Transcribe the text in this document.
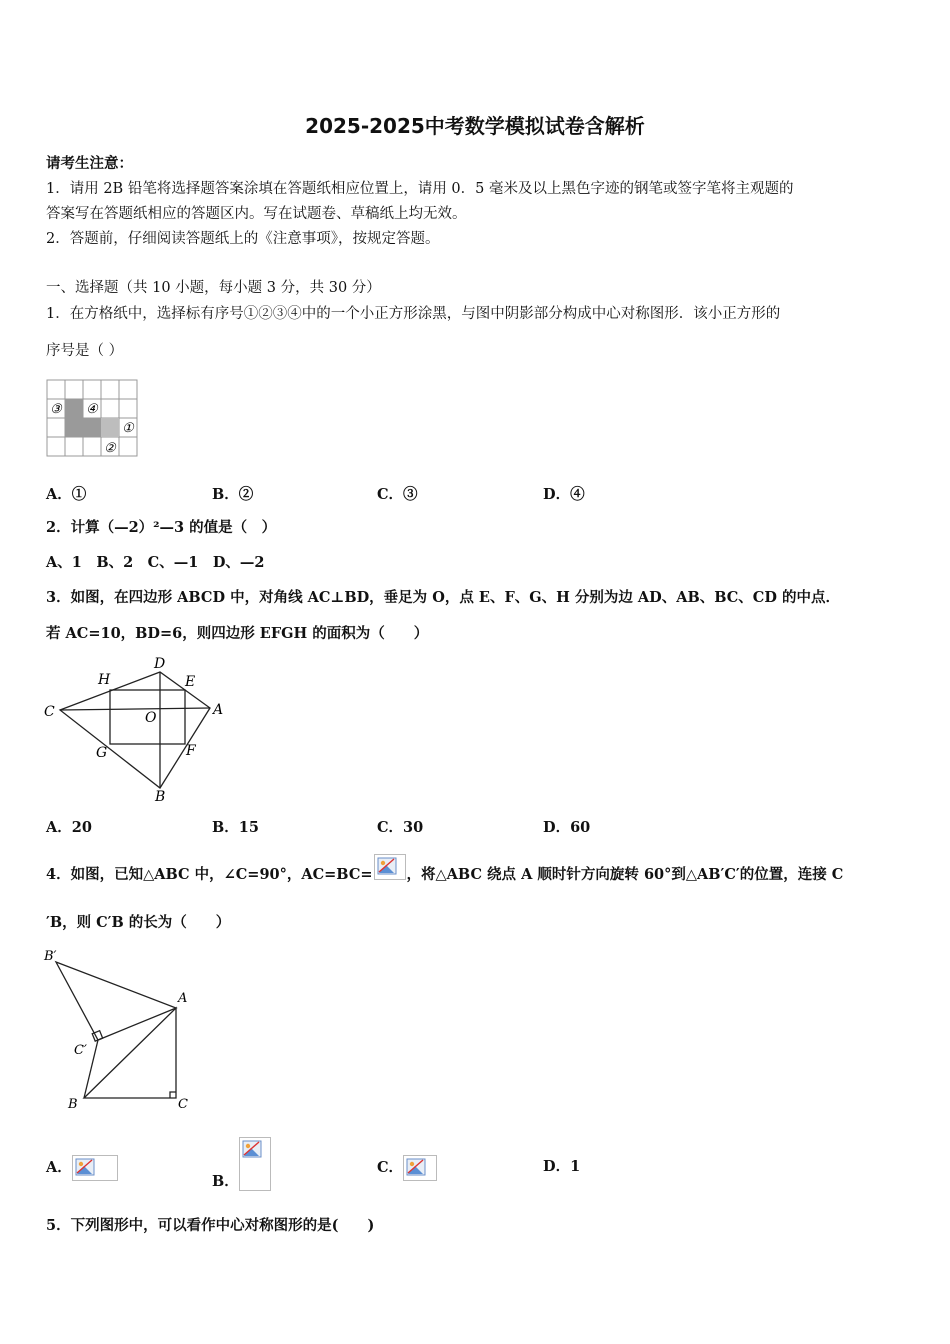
2025-2025中考数学模拟试卷含解析
请考生注意：
1．请用 2B 铅笔将选择题答案涂填在答题纸相应位置上，请用 0．5 毫米及以上黑色字迹的钢笔或签字笔将主观题的
答案写在答题纸相应的答题区内。写在试题卷、草稿纸上均无效。
2．答题前，仔细阅读答题纸上的《注意事项》，按规定答题。
一、选择题（共 10 小题，每小题 3 分，共 30 分）
1．在方格纸中，选择标有序号①②③④中的一个小正方形涂黑，与图中阴影部分构成中心对称图形．该小正方形的
序号是（ ）
③ ④
①
②
A．①	B．②	C．③	D．④
2．计算（—2）²—3 的值是（　）
A、1　B、2　C、—1　D、—2
3．如图，在四边形 ABCD 中，对角线 AC⊥BD，垂足为 O，点 E、F、G、H 分别为边 AD、AB、BC、CD 的中点．
若 AC=10，BD=6，则四边形 EFGH 的面积为（　　）
D
H	E
C	O	A
G	F
B
A．20	B．15	C．30	D．60
4．如图，已知△ABC 中，∠C=90°，AC=BC= ，将△ABC 绕点 A 顺时针方向旋转 60°到△AB′C′的位置，连接 C
′B，则 C′B 的长为（　　）
B′
A
C′
B	C
A．
B．
C．	D．1
5．下列图形中，可以看作中心对称图形的是(　　)
